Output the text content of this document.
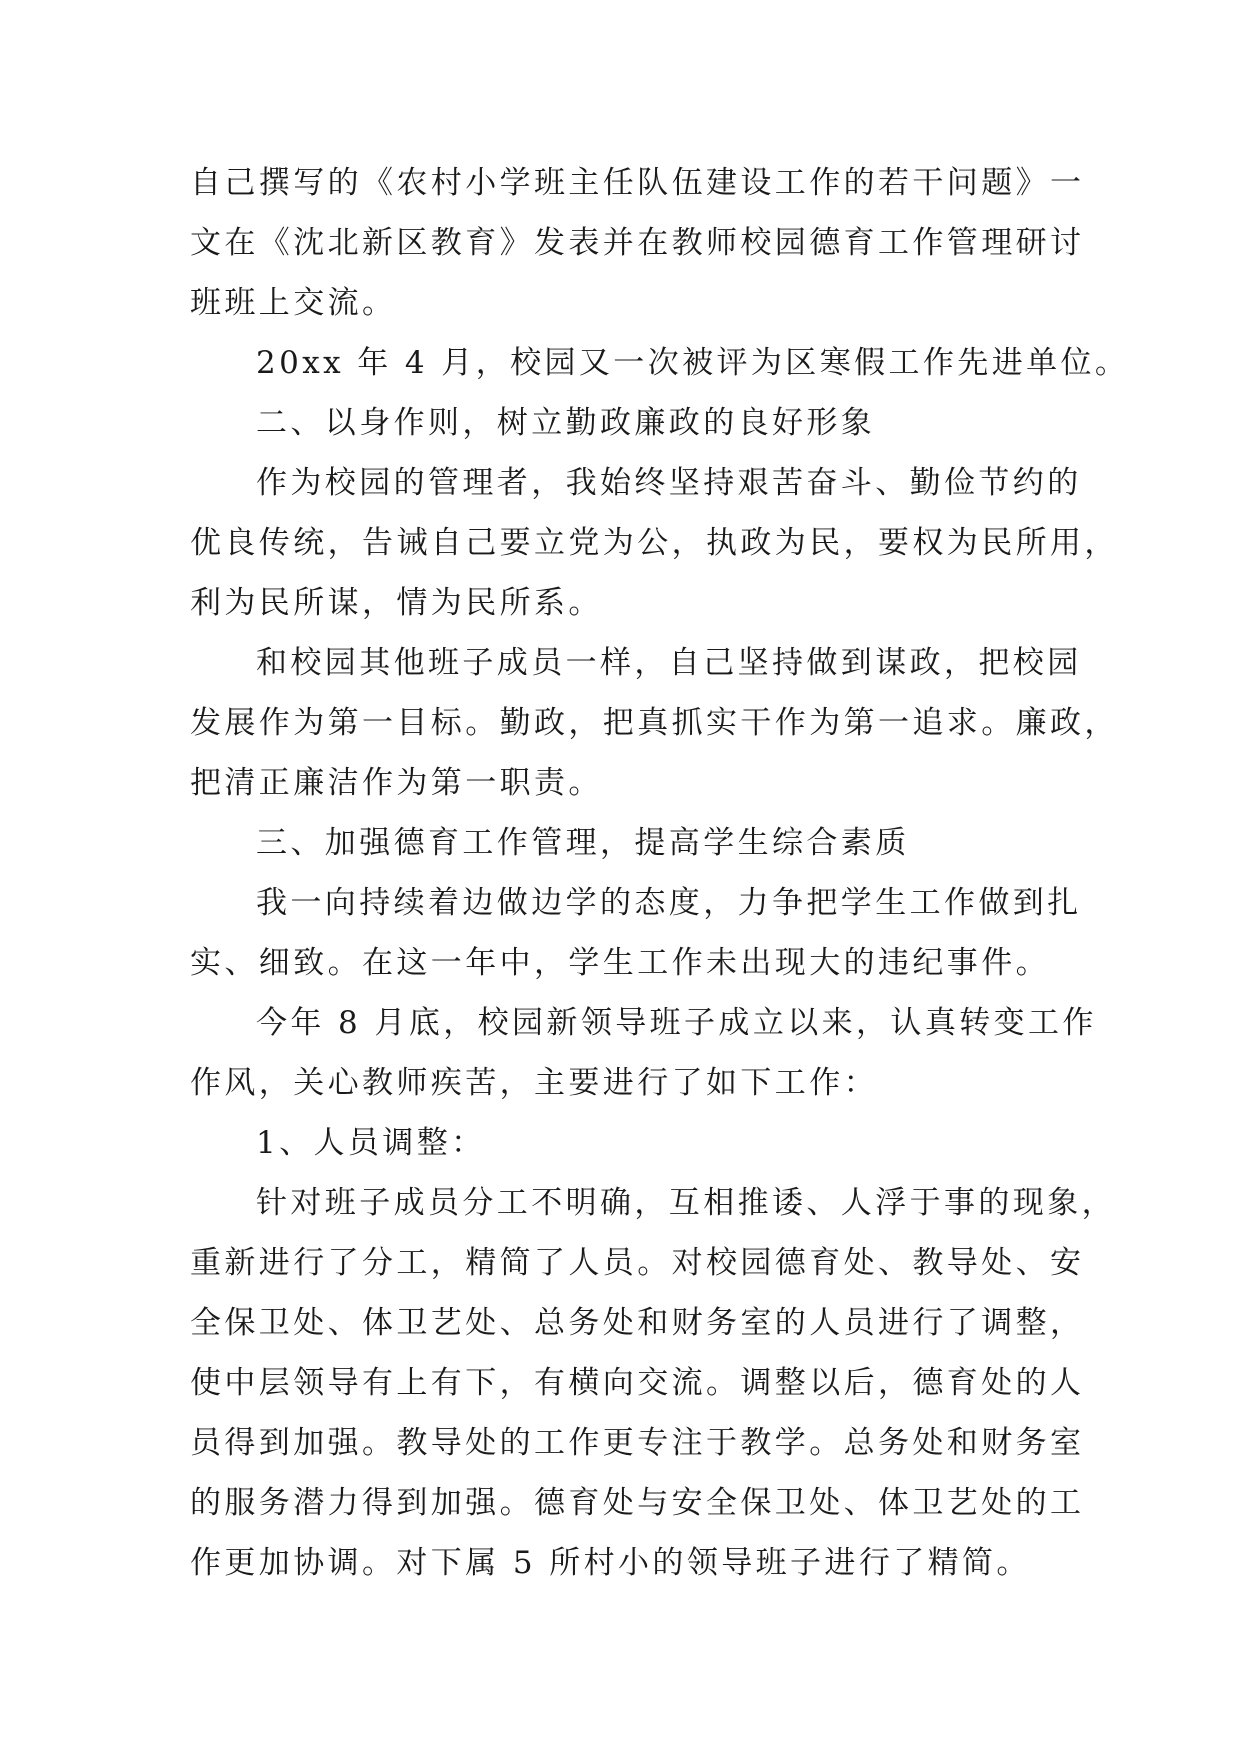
自己撰写的《农村小学班主任队伍建设工作的若干问题》一
文在《沈北新区教育》发表并在教师校园德育工作管理研讨
班班上交流。
20xx 年 4 月，校园又一次被评为区寒假工作先进单位。
二、以身作则，树立勤政廉政的良好形象
作为校园的管理者，我始终坚持艰苦奋斗、勤俭节约的
优良传统，告诫自己要立党为公，执政为民，要权为民所用，
利为民所谋，情为民所系。
和校园其他班子成员一样，自己坚持做到谋政，把校园
发展作为第一目标。勤政，把真抓实干作为第一追求。廉政，
把清正廉洁作为第一职责。
三、加强德育工作管理，提高学生综合素质
我一向持续着边做边学的态度，力争把学生工作做到扎
实、细致。在这一年中，学生工作未出现大的违纪事件。
今年 8 月底，校园新领导班子成立以来，认真转变工作
作风，关心教师疾苦，主要进行了如下工作：
1、人员调整：
针对班子成员分工不明确，互相推诿、人浮于事的现象，
重新进行了分工，精简了人员。对校园德育处、教导处、安
全保卫处、体卫艺处、总务处和财务室的人员进行了调整，
使中层领导有上有下，有横向交流。调整以后，德育处的人
员得到加强。教导处的工作更专注于教学。总务处和财务室
的服务潜力得到加强。德育处与安全保卫处、体卫艺处的工
作更加协调。对下属 5 所村小的领导班子进行了精简。
